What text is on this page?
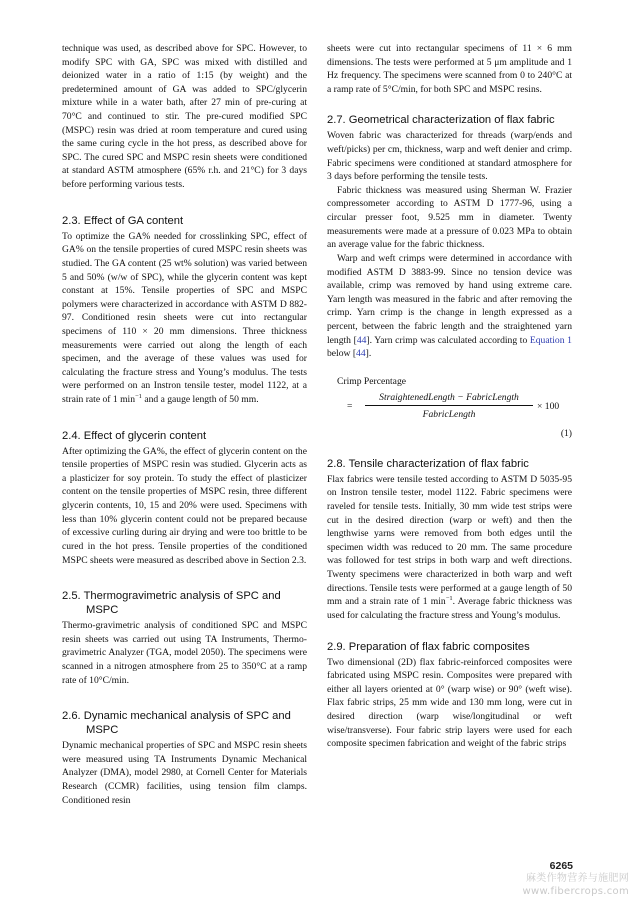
technique was used, as described above for SPC. However, to modify SPC with GA, SPC was mixed with distilled and deionized water in a ratio of 1:15 (by weight) and the predetermined amount of GA was added to SPC/glycerin mixture while in a water bath, after 27 min of pre-curing at 70°C and continued to stir. The pre-cured modified SPC (MSPC) resin was dried at room temperature and cured using the same curing cycle in the hot press, as described above for SPC. The cured SPC and MSPC resin sheets were conditioned at standard ASTM atmosphere (65% r.h. and 21°C) for 3 days before performing various tests.

2.3. Effect of GA content

To optimize the GA% needed for crosslinking SPC, effect of GA% on the tensile properties of cured MSPC resin sheets was studied. The GA content (25 wt% solution) was varied between 5 and 50% (w/w of SPC), while the glycerin content was kept constant at 15%. Tensile properties of SPC and MSPC polymers were characterized in accordance with ASTM D 882-97. Conditioned resin sheets were cut into rectangular specimens of 110 × 20 mm dimensions. Three thickness measurements were carried out along the length of each specimen, and the average of these values was used for calculating the fracture stress and Young’s modulus. The tests were performed on an Instron tensile tester, model 1122, at a strain rate of 1 $\min^{-1}$ and a gauge length of 50 mm.

2.4. Effect of glycerin content

After optimizing the GA%, the effect of glycerin content on the tensile properties of MSPC resin was studied. Glycerin acts as a plasticizer for soy protein. To study the effect of plasticizer content on the tensile properties of MSPC resin, three different glycerin contents, 10, 15 and 20% were used. Specimens with less than 10% glycerin content could not be prepared because of excessive curling during air drying and were too brittle to be cured in the hot press. Tensile properties of the conditioned MSPC sheets were measured as described above in Section 2.3.

2.5. Thermogravimetric analysis of SPC and MSPC

Thermo-gravimetric analysis of conditioned SPC and MSPC resin sheets was carried out using TA Instruments, Thermo-gravimetric Analyzer (TGA, model 2050). The specimens were scanned in a nitrogen atmosphere from 25 to 350°C at a ramp rate of 10°C/min.

2.6. Dynamic mechanical analysis of SPC and MSPC

Dynamic mechanical properties of SPC and MSPC resin sheets were measured using TA Instruments Dynamic Mechanical Analyzer (DMA), model 2980, at Cornell Center for Materials Research (CCMR) facilities, using tension film clamps. Conditioned resin

sheets were cut into rectangular specimens of 11 × 6 mm dimensions. The tests were performed at 5 μm amplitude and 1 Hz frequency. The specimens were scanned from 0 to 240°C at a ramp rate of 5°C/min, for both SPC and MSPC resins.

2.7. Geometrical characterization of flax fabric

Woven fabric was characterized for threads (warp/ends and weft/picks) per cm, thickness, warp and weft denier and crimp. Fabric specimens were conditioned at standard atmosphere for 3 days before performing the tensile tests.

Fabric thickness was measured using Sherman W. Frazier compressometer according to ASTM D 1777-96, using a circular presser foot, 9.525 mm in diameter. Twenty measurements were made at a pressure of 0.023 MPa to obtain an average value for the fabric thickness.

Warp and weft crimps were determined in accordance with modified ASTM D 3883-99. Since no tension device was available, crimp was removed by hand using extreme care. Yarn length was measured in the fabric and after removing the crimp. Yarn crimp is the change in length expressed as a percent, between the fabric length and the straightened yarn length [44]. Yarn crimp was calculated according to Equation 1 below [44].

Crimp Percentage
=
StraightenedLength − FabricLength
FabricLength
× 100
(1)
2.8. Tensile characterization of flax fabric

Flax fabrics were tensile tested according to ASTM D 5035-95 on Instron tensile tester, model 1122. Fabric specimens were raveled for tensile tests. Initially, 30 mm wide test strips were cut in the desired direction (warp or weft) and then the lengthwise yarns were removed from both edges until the specimen width was reduced to 20 mm. The same procedure was followed for test strips in both warp and weft directions. Twenty specimens were characterized in both warp and weft directions. Tensile tests were performed at a gauge length of 50 mm and a strain rate of 1 $\min^{-1}$. Average fabric thickness was used for calculating the fracture stress and Young’s modulus.

2.9. Preparation of flax fabric composites

Two dimensional (2D) flax fabric-reinforced composites were fabricated using MSPC resin. Composites were prepared with either all layers oriented at 0° (warp wise) or 90° (weft wise). Flax fabric strips, 25 mm wide and 130 mm long, were cut in desired direction (warp wise/longitudinal or weft wise/transverse). Four fabric strip layers were used for each composite specimen fabrication and weight of the fabric strips

6265
麻类作物营养与施肥网
www.fibercrops.com
